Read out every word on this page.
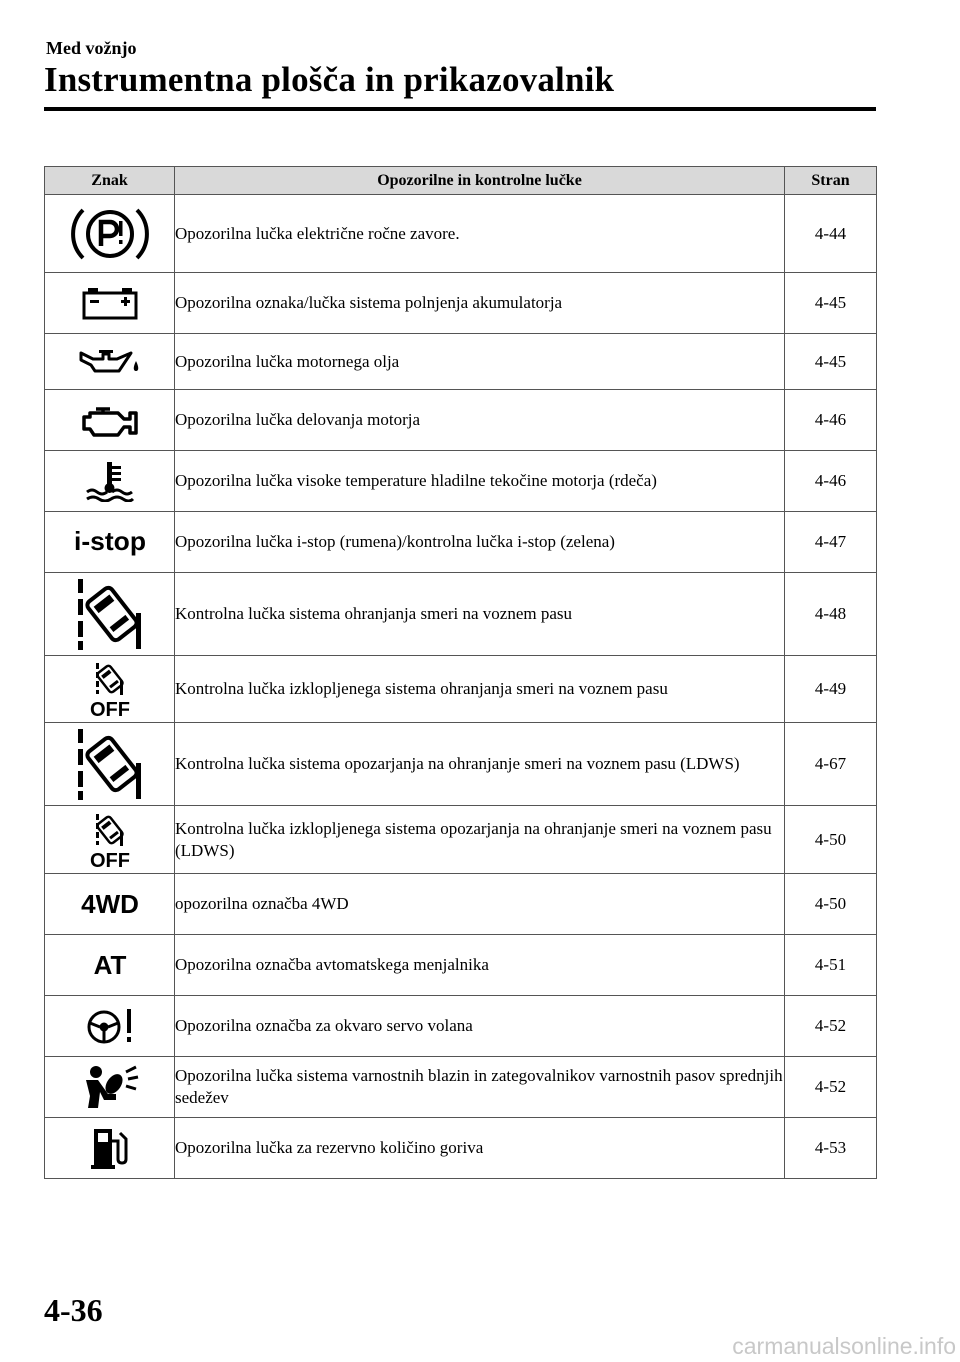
Med vožnjo
Instrumentna plošča in prikazovalnik
Znak	Opozorilne in kontrolne lučke	Stran
	Opozorilna lučka električne ročne zavore.	4-44
	Opozorilna oznaka/lučka sistema polnjenja akumulatorja	4-45
	Opozorilna lučka motornega olja	4-45
	Opozorilna lučka delovanja motorja	4-46
	Opozorilna lučka visoke temperature hladilne tekočine motorja (rdeča)	4-46

i-stop	Opozorilna lučka i-stop (rumena)/kontrolna lučka i-stop (zelena)	4-47
	Kontrolna lučka sistema ohranjanja smeri na voznem pasu	4-48

OFF	Kontrolna lučka izklopljenega sistema ohranjanja smeri na voznem pasu	4-49
	Kontrolna lučka sistema opozarjanja na ohranjanje smeri na voznem pasu (LDWS)	4-67

OFF	Kontrolna lučka izklopljenega sistema opozarjanja na ohranjanje smeri na voznem pasu (LDWS)	4-50

4WD	opozorilna označba 4WD	4-50

AT	Opozorilna označba avtomatskega menjalnika	4-51
	Opozorilna označba za okvaro servo volana	4-52
	Opozorilna lučka sistema varnostnih blazin in zategovalnikov varnostnih pasov sprednjih sedežev	4-52
	Opozorilna lučka za rezervno količino goriva	4-53
4-36
carmanualsonline.info
